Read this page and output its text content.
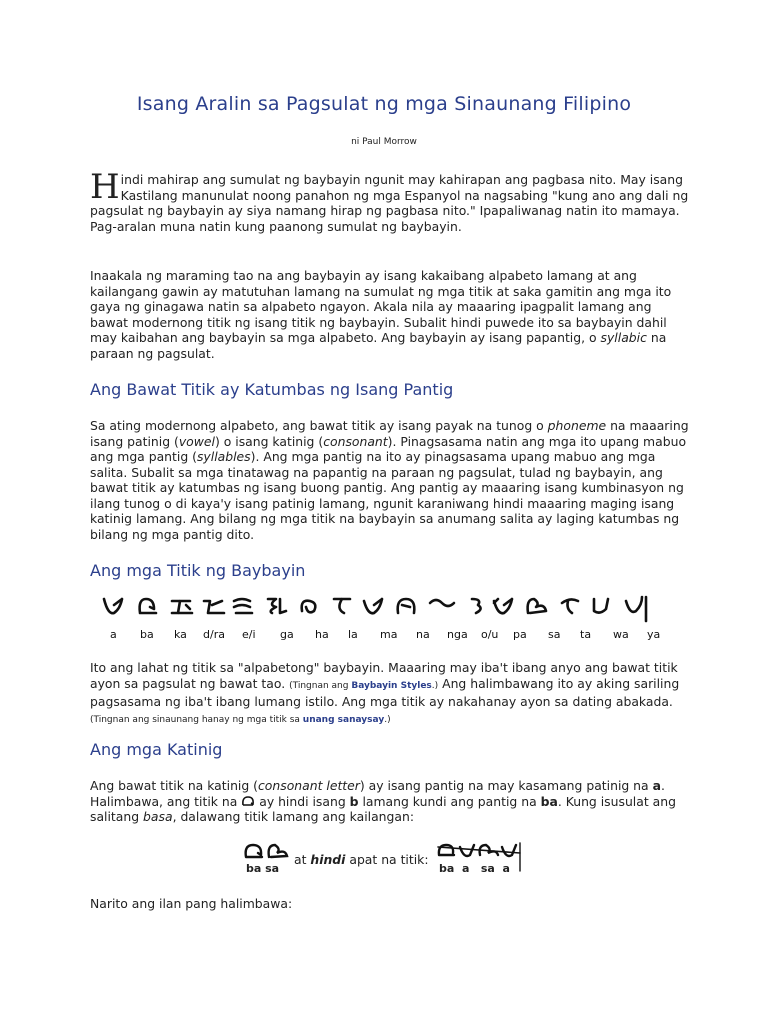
Isang Aralin sa Pagsulat ng mga Sinaunang Filipino
ni Paul Morrow
Hindi mahirap ang sumulat ng baybayin ngunit may kahirapan ang pagbasa nito. May isang Kastilang manunulat noong panahon ng mga Espanyol na nagsabing "kung ano ang dali ng pagsulat ng baybayin ay siya namang hirap ng pagbasa nito." Ipapaliwanag natin ito mamaya. Pag-aralan muna natin kung paanong sumulat ng baybayin.
Inaakala ng maraming tao na ang baybayin ay isang kakaibang alpabeto lamang at ang kailangang gawin ay matutuhan lamang na sumulat ng mga titik at saka gamitin ang mga ito gaya ng ginagawa natin sa alpabeto ngayon. Akala nila ay maaaring ipagpalit lamang ang bawat modernong titik ng isang titik ng baybayin. Subalit hindi puwede ito sa baybayin dahil may kaibahan ang baybayin sa mga alpabeto. Ang baybayin ay isang papantig, o syllabic na paraan ng pagsulat.
Ang Bawat Titik ay Katumbas ng Isang Pantig
Sa ating modernong alpabeto, ang bawat titik ay isang payak na tunog o phoneme na maaaring isang patinig (vowel) o isang katinig (consonant). Pinagsasama natin ang mga ito upang mabuo ang mga pantig (syllables). Ang mga pantig na ito ay pinagsasama upang mabuo ang mga salita. Subalit sa mga tinatawag na papantig na paraan ng pagsulat, tulad ng baybayin, ang bawat titik ay katumbas ng isang buong pantig. Ang pantig ay maaaring isang kumbinasyon ng ilang tunog o di kaya'y isang patinig lamang, ngunit karaniwang hindi maaaring maging isang katinig lamang. Ang bilang ng mga titik na baybayin sa anumang salita ay laging katumbas ng bilang ng mga pantig dito.
Ang mga Titik ng Baybayin
a ba ka d/ra e/i ga ha la ma na nga o/u pa sa ta wa ya
Ito ang lahat ng titik sa "alpabetong" baybayin. Maaaring may iba't ibang anyo ang bawat titik ayon sa pagsulat ng bawat tao. (Tingnan ang Baybayin Styles.) Ang halimbawang ito ay aking sariling pagsasama ng iba't ibang lumang istilo. Ang mga titik ay nakahanay ayon sa dating abakada. (Tingnan ang sinaunang hanay ng mga titik sa unang sanaysay.)
Ang mga Katinig
Ang bawat titik na katinig (consonant letter) ay isang pantig na may kasamang patinig na a. Halimbawa, ang titik na  ay hindi isang b lamang kundi ang pantig na ba. Kung isusulat ang salitang basa, dalawang titik lamang ang kailangan:
ba sa
at hindi apat na titik:
ba  a   sa  a
Narito ang ilan pang halimbawa:
